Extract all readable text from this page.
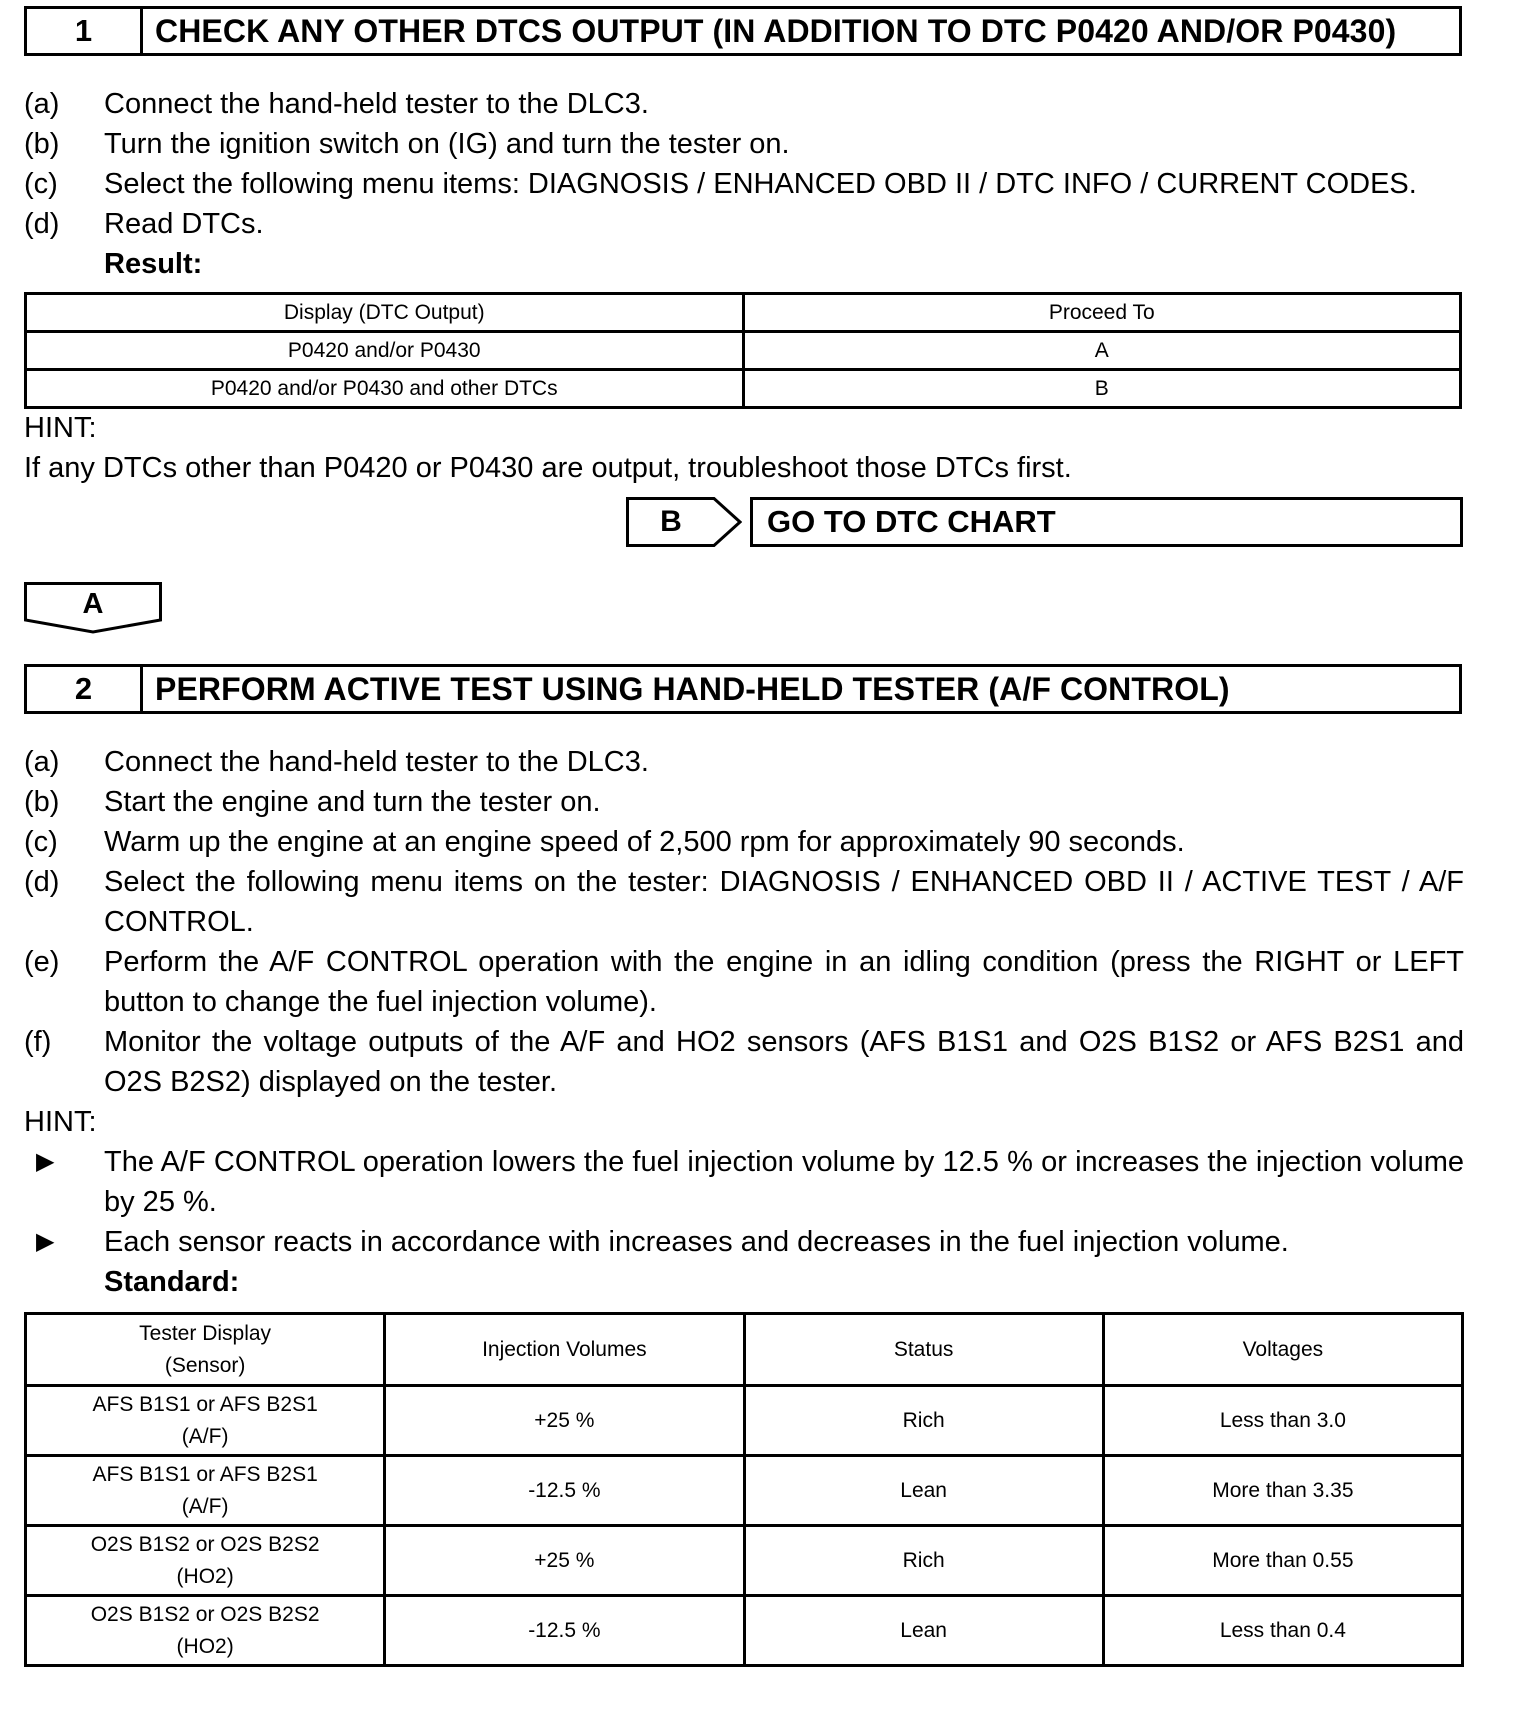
1	CHECK ANY OTHER DTCS OUTPUT (IN ADDITION TO DTC P0420 AND/OR P0430)
(a)	Connect the hand-held tester to the DLC3.
(b)	Turn the ignition switch on (IG) and turn the tester on.
(c)	Select the following menu items: DIAGNOSIS / ENHANCED OBD II / DTC INFO / CURRENT CODES.
(d)	Read DTCs.
Result:
Display (DTC Output)	Proceed To
P0420 and/or P0430	A
P0420 and/or P0430 and other DTCs	B
HINT:
If any DTCs other than P0420 or P0430 are output, troubleshoot those DTCs first.
B	GO TO DTC CHART
A
2	PERFORM ACTIVE TEST USING HAND-HELD TESTER (A/F CONTROL)
(a)	Connect the hand-held tester to the DLC3.
(b)	Start the engine and turn the tester on.
(c)	Warm up the engine at an engine speed of 2,500 rpm for approximately 90 seconds.
(d)	Select the following menu items on the tester: DIAGNOSIS / ENHANCED OBD II / ACTIVE TEST / A/F CONTROL.
(e)	Perform the A/F CONTROL operation with the engine in an idling condition (press the RIGHT or LEFT button to change the fuel injection volume).
(f)	Monitor the voltage outputs of the A/F and HO2 sensors (AFS B1S1 and O2S B1S2 or AFS B2S1 and O2S B2S2) displayed on the tester.
HINT:
▶	The A/F CONTROL operation lowers the fuel injection volume by 12.5 % or increases the injection volume by 25 %.
▶	Each sensor reacts in accordance with increases and decreases in the fuel injection volume.
Standard:
Tester Display
(Sensor)	Injection Volumes	Status	Voltages

AFS B1S1 or AFS B2S1
(A/F)	+25 %	Rich	Less than 3.0

AFS B1S1 or AFS B2S1
(A/F)	-12.5 %	Lean	More than 3.35

O2S B1S2 or O2S B2S2
(HO2)	+25 %	Rich	More than 0.55

O2S B1S2 or O2S B2S2
(HO2)	-12.5 %	Lean	Less than 0.4
